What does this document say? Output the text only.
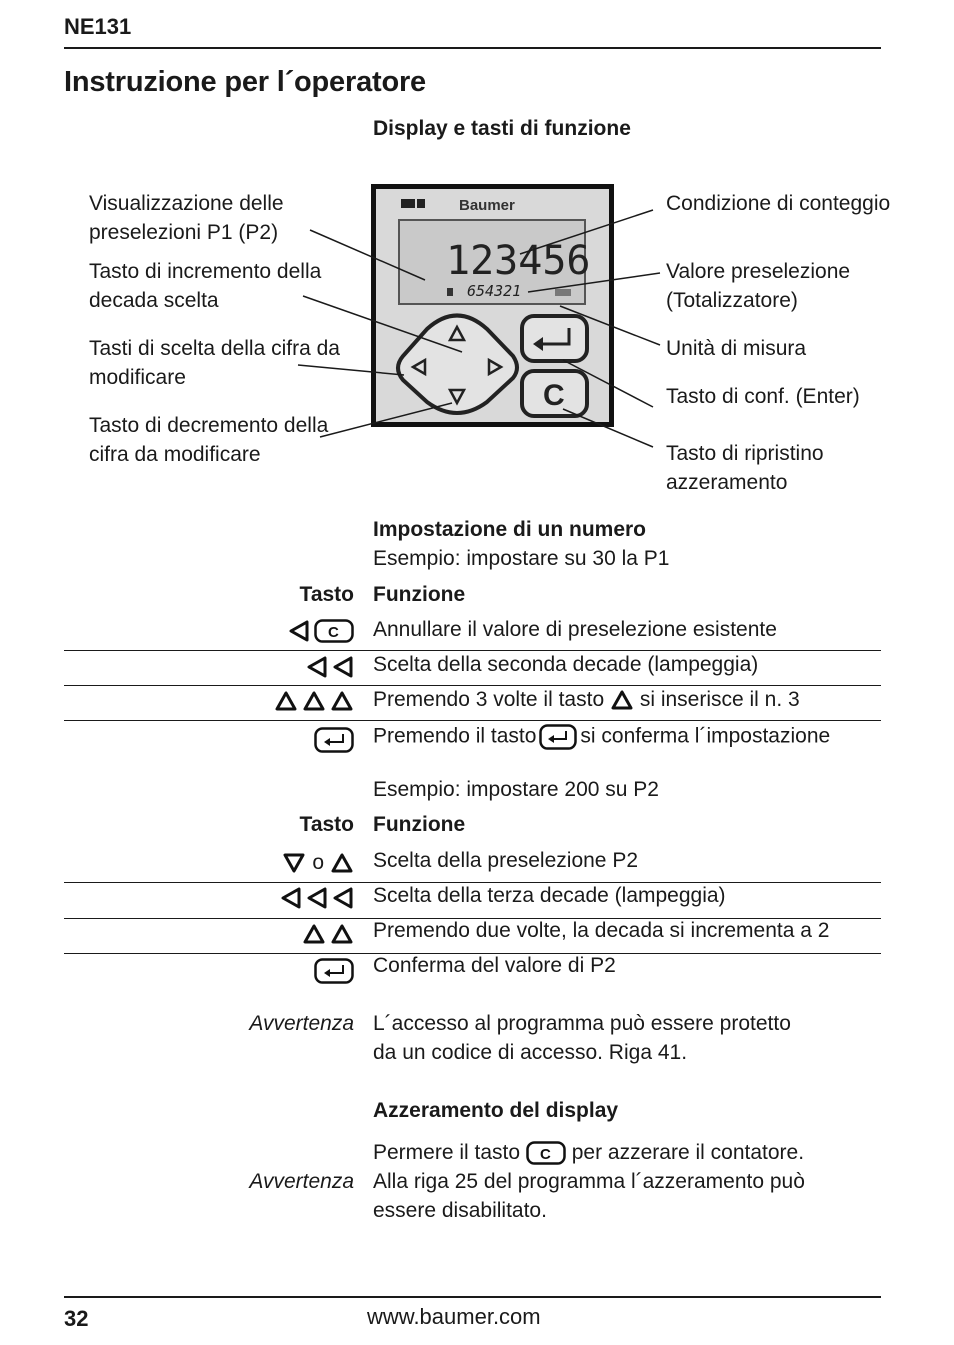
NE131
Instruzione per l´operatore
Display e tasti di funzione
Visualizzazione delle preselezioni P1 (P2)
Tasto di incremento della decada scelta
Tasti di scelta della cifra da modificare
Tasto di decremento della cifra da modificare
Condizione di conteggio
Valore preselezione (Totalizzatore)
Unità di misura
Tasto di conf. (Enter)
Tasto di ripristino azzeramento
Baumer
123456
654321
C
Impostazione di un numero
Esempio: impostare su 30 la P1
Tasto Funzione
C Annullare il valore di preselezione esistente
Scelta della seconda decade (lampeggia)
Premendo 3 volte il tasto si inserisce il n. 3
Premendo il tasto si conferma l´impostazione
Esempio: impostare 200 su P2
Tasto Funzione
o Scelta della preselezione P2
Scelta della terza decade (lampeggia)
Premendo due volte, la decada si incrementa a 2
Conferma del valore di P2
Avvertenza L´accesso al programma può essere protetto
da un codice di accesso. Riga 41.
Azzeramento del display
Permere il tasto C per azzerare il contatore.
Avvertenza Alla riga 25 del programma l´azzeramento può
essere disabilitato.
32	www.baumer.com
